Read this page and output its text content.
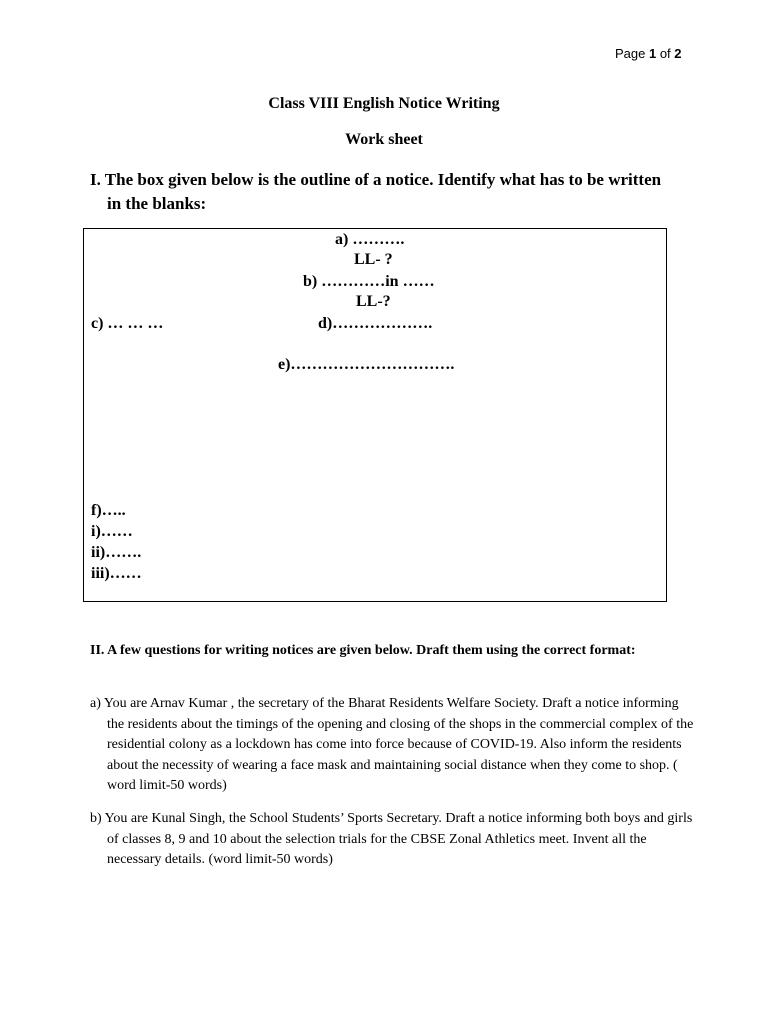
Page 1 of 2
Class VIII English Notice Writing
Work sheet
I. The box given below is the outline of a notice. Identify what has to be written in the blanks:
a) ……….
LL- ?
b) …………in ……
LL-?
c) … … …	d)……………….
e)………………………….
f)…..
i)……
ii)…….
iii)……
II. A few questions for writing notices are given below. Draft them using the correct format:
a) You are Arnav Kumar , the secretary of the Bharat Residents Welfare Society. Draft a notice informing the residents about the timings of the opening and closing of the shops in the commercial complex of the residential colony as a lockdown has come into force because of COVID-19. Also inform the residents about the necessity of wearing a face mask and maintaining social distance when they come to shop. ( word limit-50 words)
b) You are Kunal Singh, the School Students’ Sports Secretary. Draft a notice informing both boys and girls of classes 8, 9 and 10 about the selection trials for the CBSE Zonal Athletics meet. Invent all the necessary details. (word limit-50 words)
